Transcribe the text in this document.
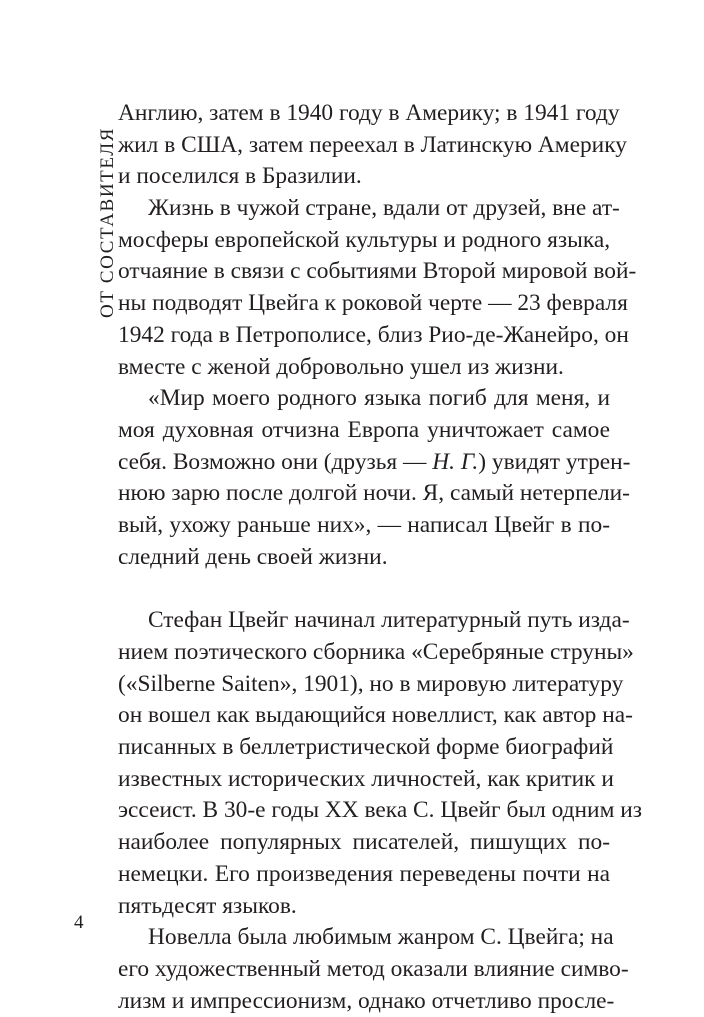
ОТ СОСТАВИТЕЛЯ
Англию, затем в 1940 году в Америку; в 1941 году
жил в США, затем переехал в Латинскую Америку
и поселился в Бразилии.
Жизнь в чужой стране, вдали от друзей, вне ат-
мосферы европейской культуры и родного языка,
отчаяние в связи с событиями Второй мировой вой-
ны подводят Цвейга к роковой черте — 23 февраля
1942 года в Петрополисе, близ Рио-де-Жанейро, он
вместе с женой добровольно ушел из жизни.
«Мир моего родного языка погиб для меня, и
моя духовная отчизна Европа уничтожает самое
себя. Возможно они (друзья — Н. Г.) увидят утрен-
нюю зарю после долгой ночи. Я, самый нетерпели-
вый, ухожу раньше них», — написал Цвейг в по-
следний день своей жизни.
Стефан Цвейг начинал литературный путь изда-
нием поэтического сборника «Серебряные струны»
(«Silberne Saiten», 1901), но в мировую литературу
он вошел как выдающийся новеллист, как автор на-
писанных в беллетристической форме биографий
известных исторических личностей, как критик и
эссеист. В 30-е годы XX века С. Цвейг был одним из
наиболее популярных писателей, пишущих по-
немецки. Его произведения переведены почти на
пятьдесят языков.
Новелла была любимым жанром С. Цвейга; на
его художественный метод оказали влияние симво-
лизм и импрессионизм, однако отчетливо просле-
4
